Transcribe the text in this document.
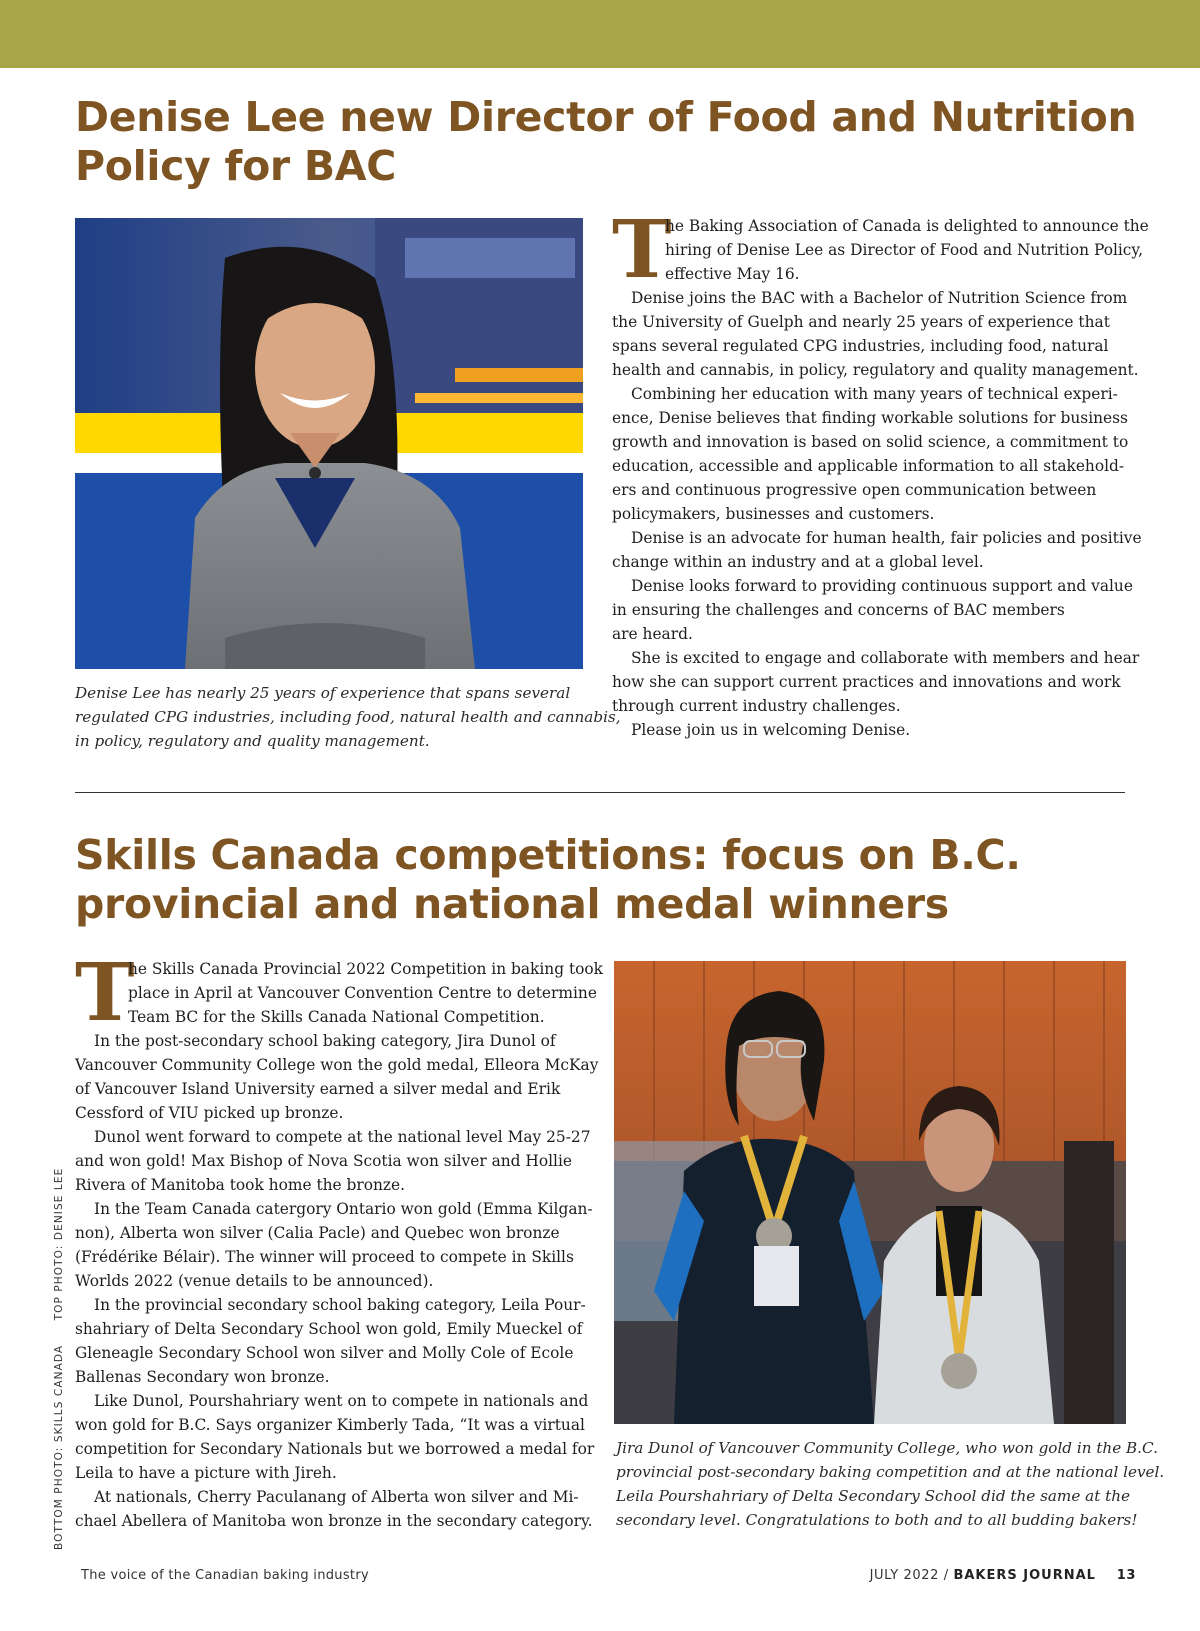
Denise Lee new Director of Food and Nutrition
Policy for BAC

Denise Lee has nearly 25 years of experience that spans several
regulated CPG industries, including food, natural health and cannabis,
in policy, regulatory and quality management.

T
he Baking Association of Canada is delighted to announce the
hiring of Denise Lee as Director of Food and Nutrition Policy,
effective May 16.
Denise joins the BAC with a Bachelor of Nutrition Science from
the University of Guelph and nearly 25 years of experience that
spans several regulated CPG industries, including food, natural
health and cannabis, in policy, regulatory and quality management.
Combining her education with many years of technical experi-
ence, Denise believes that finding workable solutions for business
growth and innovation is based on solid science, a commitment to
education, accessible and applicable information to all stakehold-
ers and continuous progressive open communication between
policymakers, businesses and customers.
Denise is an advocate for human health, fair policies and positive
change within an industry and at a global level.
Denise looks forward to providing continuous support and value
in ensuring the challenges and concerns of BAC members
are heard.
She is excited to engage and collaborate with members and hear
how she can support current practices and innovations and work
through current industry challenges.
Please join us in welcoming Denise.
Skills Canada competitions: focus on B.C.
provincial and national medal winners
T
he Skills Canada Provincial 2022 Competition in baking took
place in April at Vancouver Convention Centre to determine
Team BC for the Skills Canada National Competition.
In the post-secondary school baking category, Jira Dunol of
Vancouver Community College won the gold medal, Elleora McKay
of Vancouver Island University earned a silver medal and Erik
Cessford of VIU picked up bronze.
Dunol went forward to compete at the national level May 25-27
and won gold! Max Bishop of Nova Scotia won silver and Hollie
Rivera of Manitoba took home the bronze.
In the Team Canada catergory Ontario won gold (Emma Kilgan-
non), Alberta won silver (Calia Pacle) and Quebec won bronze
(Frédérike Bélair). The winner will proceed to compete in Skills
Worlds 2022 (venue details to be announced).
In the provincial secondary school baking category, Leila Pour-
shahriary of Delta Secondary School won gold, Emily Mueckel of
Gleneagle Secondary School won silver and Molly Cole of Ecole
Ballenas Secondary won bronze.
Like Dunol, Pourshahriary went on to compete in nationals and
won gold for B.C. Says organizer Kimberly Tada, “It was a virtual
competition for Secondary Nationals but we borrowed a medal for
Leila to have a picture with Jireh.
At nationals, Cherry Paculanang of Alberta won silver and Mi-
chael Abellera of Manitoba won bronze in the secondary category.

Jira Dunol of Vancouver Community College, who won gold in the B.C.
provincial post-secondary baking competition and at the national level.
Leila Pourshahriary of Delta Secondary School did the same at the
secondary level. Congratulations to both and to all budding bakers!

BOTTOM PHOTO: SKILLS CANADA TOP PHOTO: DENISE LEE
The voice of the Canadian baking industry	JULY 2022 / BAKERS JOURNAL 13
